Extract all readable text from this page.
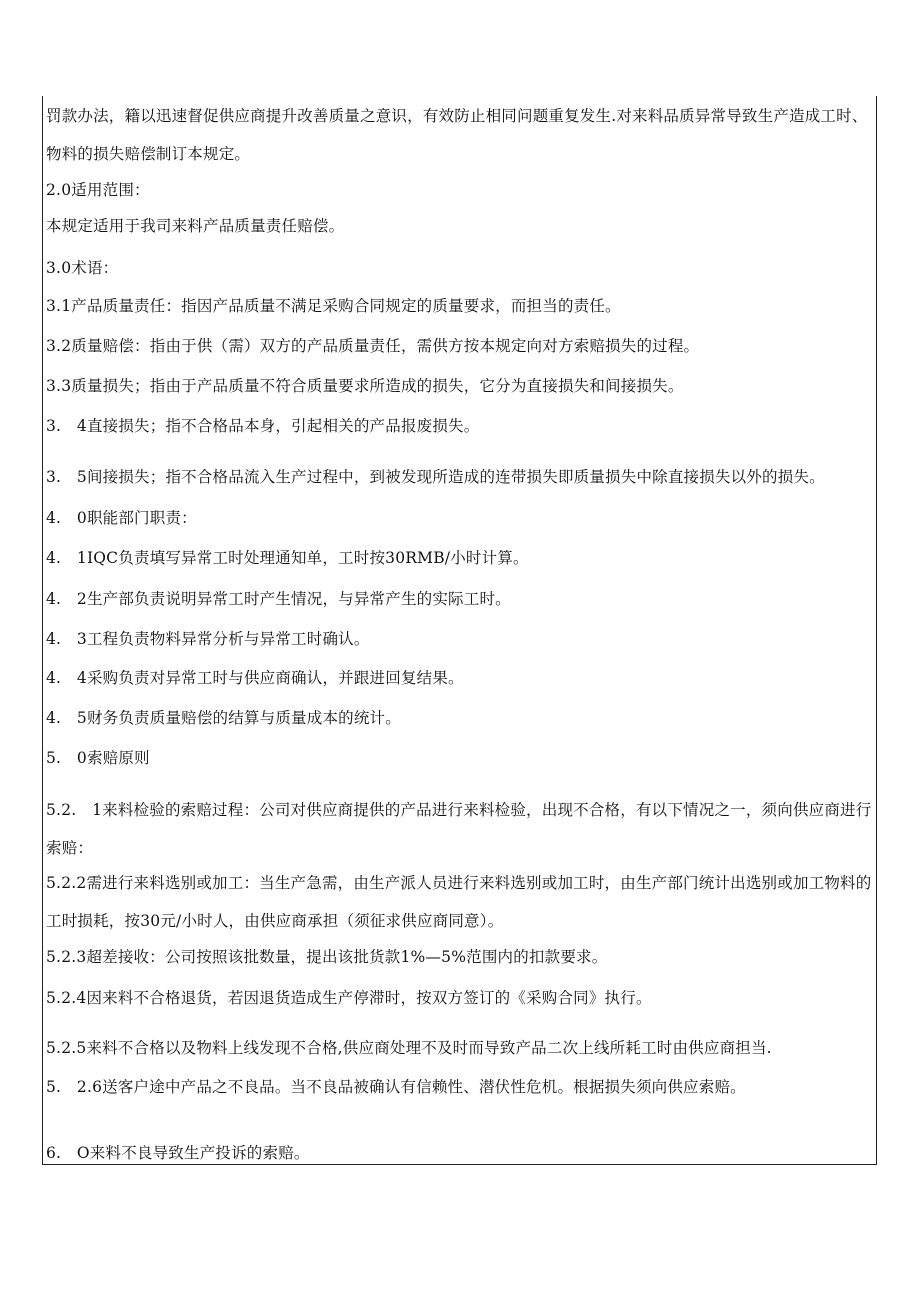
罚款办法，籍以迅速督促供应商提升改善质量之意识，有效防止相同问题重复发生.对来料品质异常导致生产造成工时、物料的损失赔偿制订本规定。
2.0适用范围：
本规定适用于我司来料产品质量责任赔偿。
3.0术语：
3.1产品质量责任：指因产品质量不满足采购合同规定的质量要求，而担当的责任。
3.2质量赔偿：指由于供（需）双方的产品质量责任，需供方按本规定向对方索赔损失的过程。
3.3质量损失；指由于产品质量不符合质量要求所造成的损失，它分为直接损失和间接损失。
3.　4直接损失；指不合格品本身，引起相关的产品报废损失。
3.　5间接损失；指不合格品流入生产过程中，到被发现所造成的连带损失即质量损失中除直接损失以外的损失。
4.　0职能部门职责：
4.　1IQC负责填写异常工时处理通知单，工时按30RMB/小时计算。
4.　2生产部负责说明异常工时产生情况，与异常产生的实际工时。
4.　3工程负责物料异常分析与异常工时确认。
4.　4采购负责对异常工时与供应商确认，并跟进回复结果。
4.　5财务负责质量赔偿的结算与质量成本的统计。
5.　0索赔原则
5.2.　1来料检验的索赔过程：公司对供应商提供的产品进行来料检验，出现不合格，有以下情况之一，须向供应商进行索赔：
5.2.2需进行来料选别或加工：当生产急需，由生产派人员进行来料选别或加工时，由生产部门统计出选别或加工物料的工时损耗，按30元/小时人，由供应商承担（须征求供应商同意）。
5.2.3超差接收：公司按照该批数量，提出该批货款1%—5%范围内的扣款要求。
5.2.4因来料不合格退货，若因退货造成生产停滞时，按双方签订的《采购合同》执行。
5.2.5来料不合格以及物料上线发现不合格,供应商处理不及时而导致产品二次上线所耗工时由供应商担当.
5.　2.6送客户途中产品之不良品。当不良品被确认有信赖性、潜伏性危机。根据损失须向供应索赔。
6.　O来料不良导致生产投诉的索赔。
